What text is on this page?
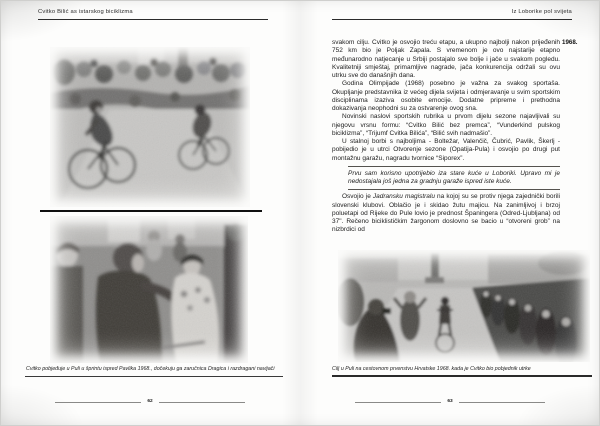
Cvitko Bilić as istarskog biciklizma
Cvitko pobjeđuje u Puli u šprintu ispred Pavlika 1968., dočekuju ga zaručnica Dragica i razdragani navijači
62
Iz Loborike pol svijeta
1968.

svakom cilju. Cvitko je osvojio treću etapu, a ukupno najbolji nakon prijeđenih 752 km bio je Poljak Zapala. S vremenom je ovo najstarije etapno međunarodno natjecanje u Srbiji postajalo sve bolje i jače u svakom pogledu. Kvalitetniji smještaj, primamljive nagrade, jača konkurencija održali su ovu utrku sve do današnjih dana.

Godina Olimpijade (1968) posebno je važna za svakog sportaša. Okupljanje predstavnika iz većeg dijela svijeta i odmjeravanje u svim sportskim disciplinama izaziva osobite emocije. Dodatne pripreme i prethodna dokazivanja neophodni su za ostvarenje ovog sna.

Novinski naslovi sportskih rubrika u prvom dijelu sezone najavljivali su njegovu vrsnu formu: “Cvitko Bilić bez premca”, “Vunderkind pulskog biciklizma”, “Trijumf Cvitka Bilića”, “Bilić svih nadmašio”.

U stalnoj borbi s najboljima - Boltežar, Valenčič, Čubrić, Pavlik, Škerlj - pobijedio je u utrci Otvorenje sezone (Opatija-Pula) i osvojio po drugi put montažnu garažu, nagradu tvornice “Siporex”.

Prvu sam korisno upotrijebio iza stare kuće u Loboriki. Upravo mi je nedostajala još jedna za gradnju garaže ispred iste kuće.

Osvojio je Jadransku magistralu na kojoj su se protiv njega zajednički borili slovenski klubovi. Oblačio je i skidao žutu majicu. Na zanimljivoj i brzoj poluetapi od Rijeke do Pule lovio je prednost Španingera (Odred-Ljubljana) od 37". Rečeno biciklističkim žargonom doslovno se bacio u “otvoreni grob” na nizbrdici od

Cilj u Puli na cestovnom prvenstvu Hrvatske 1968. kada je Cvitko bio pobjednik utrke
63
